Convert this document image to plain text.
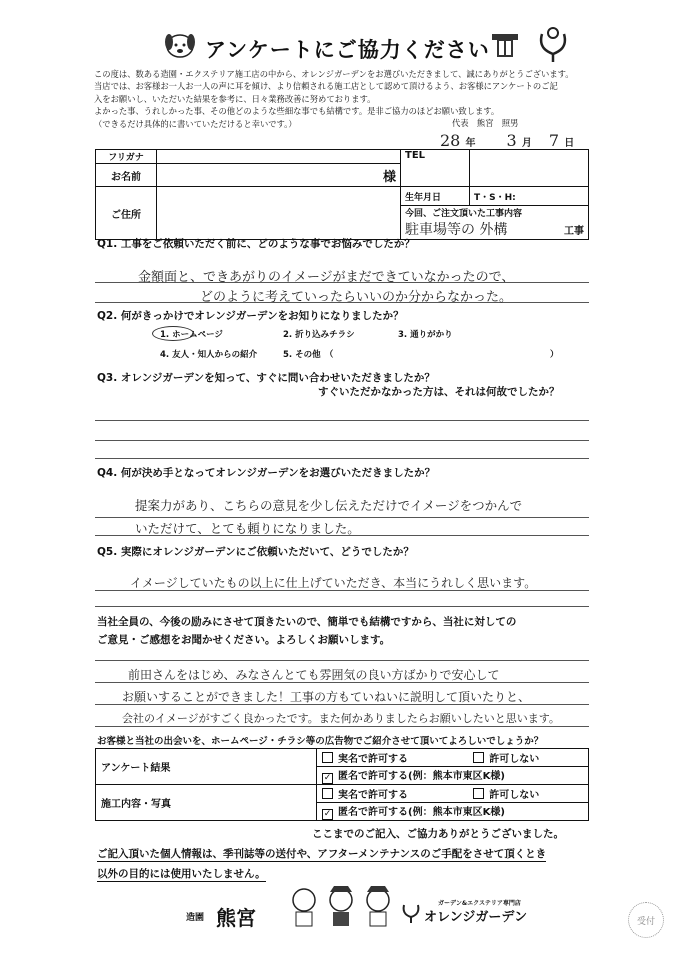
アンケートにご協力ください
この度は、数ある造園・エクステリア施工店の中から、オレンジガーデンをお選びいただきまして、誠にありがとうございます。
当店では、お客様お一人お一人の声に耳を傾け、より信頼される施工店として認めて頂けるよう、お客様にアンケートのご記
入をお願いし、いただいた結果を参考に、日々業務改善に努めております。
よかった事、うれしかった事、その他どのような些細な事でも結構です。是非ご協力のほどお願い致します。
（できるだけ具体的に書いていただけると幸いです。）	代表　熊宮　照男
28 年 3 月 7 日
フリガナ		TEL	
お名前	様		
ご住所		生年月日	T・S・H:

		今回、ご注文頂いた工事内容
駐車場等の 外構 工事	
Q1. 工事をご依頼いただく前に、どのような事でお悩みでしたか？
金額面と、できあがりのイメージがまだできていなかったので、
どのように考えていったらいいのか分からなかった。
Q2. 何がきっかけでオレンジガーデンをお知りになりましたか？
1. ホームページ	2. 折り込みチラシ	3. 通りがかり
4. 友人・知人からの紹介	5. その他　（	）
Q3. オレンジガーデンを知って、すぐに問い合わせいただきましたか？
すぐいただかなかった方は、それは何故でしたか？
Q4. 何が決め手となってオレンジガーデンをお選びいただきましたか？
提案力があり、こちらの意見を少し伝えただけでイメージをつかんで
いただけて、とても頼りになりました。
Q5. 実際にオレンジガーデンにご依頼いただいて、どうでしたか？
イメージしていたもの以上に仕上げていただき、本当にうれしく思います。
当社全員の、今後の励みにさせて頂きたいので、簡単でも結構ですから、当社に対しての
ご意見・ご感想をお聞かせください。よろしくお願いします。
前田さんをはじめ、みなさんとても雰囲気の良い方ばかりで安心して
お願いすることができました！工事の方もていねいに説明して頂いたりと、
会社のイメージがすごく良かったです。また何かありましたらお願いしたいと思います。
お客様と当社の出会いを、ホームページ・チラシ等の広告物でご紹介させて頂いてよろしいでしょうか？
アンケート結果	実名で許可する	許可しない
	✓ 匿名で許可する(例：熊本市東区K様)	
施工内容・写真	実名で許可する	許可しない
	✓ 匿名で許可する(例：熊本市東区K様)	
ここまでのご記入、ご協力ありがとうございました。
ご記入頂いた個人情報は、季刊誌等の送付や、アフターメンテナンスのご手配をさせて頂くとき
以外の目的には使用いたしません。
造園 熊宮
ガーデン&エクステリア専門店
オレンジガーデン	受付
